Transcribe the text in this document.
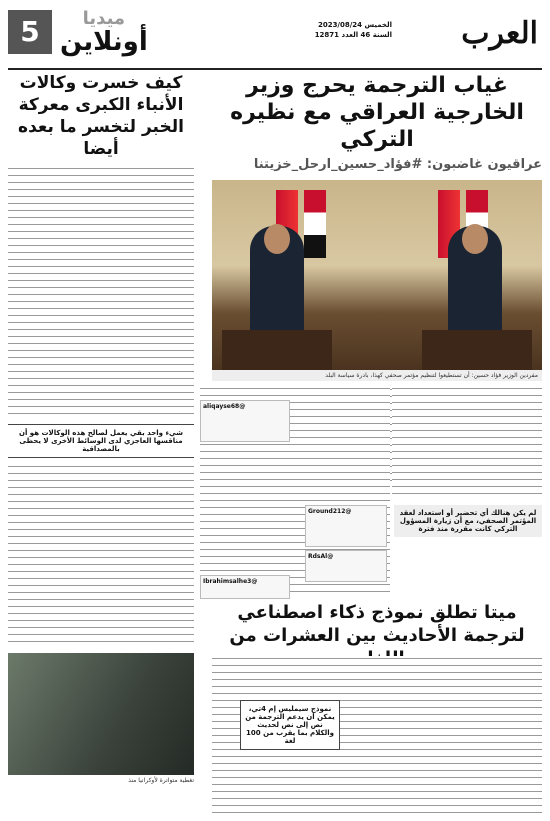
العرب
الخميس 2023/08/24
السنة 46 العدد 12871
5	ميديا
أونلاين
غياب الترجمة يحرج وزير الخارجية العراقي مع نظيره التركي
عراقيون غاضبون: #فؤاد_حسين_ارحل_خزيتنا
مفردين الوزير فؤاد حسين: أن تستطيعوا لتنظيم مؤتمر صحفي كهذا، بادرة سياسة البلد
كيف خسرت وكالات الأنباء الكبرى معركة الخبر لتخسر ما بعده أيضا
شيء واحد بقي يعمل لصالح هذه الوكالات هو أن مناقسها العاجزي لدى الوسائط الأخرى لا يحظى بالمصداقية
@aliqayse68
@Ground212
@RdsAl
@Ibrahimsalhe3
لم يكن هنالك أي تحضير أو استعداد لعقد المؤتمر الصحفي، مع أن زيارة المسؤول التركي كانت مقررة منذ فترة
ميتا تطلق نموذج ذكاء اصطناعي لترجمة الأحاديث بين العشرات من
نموذج سيمليس إم 4تي، يمكن أن يدعم الترجمة من نص إلى نص لحديث والكلام بما يقرب من 100 لغة
تغطية متواترة لأوكرانيا منذ
